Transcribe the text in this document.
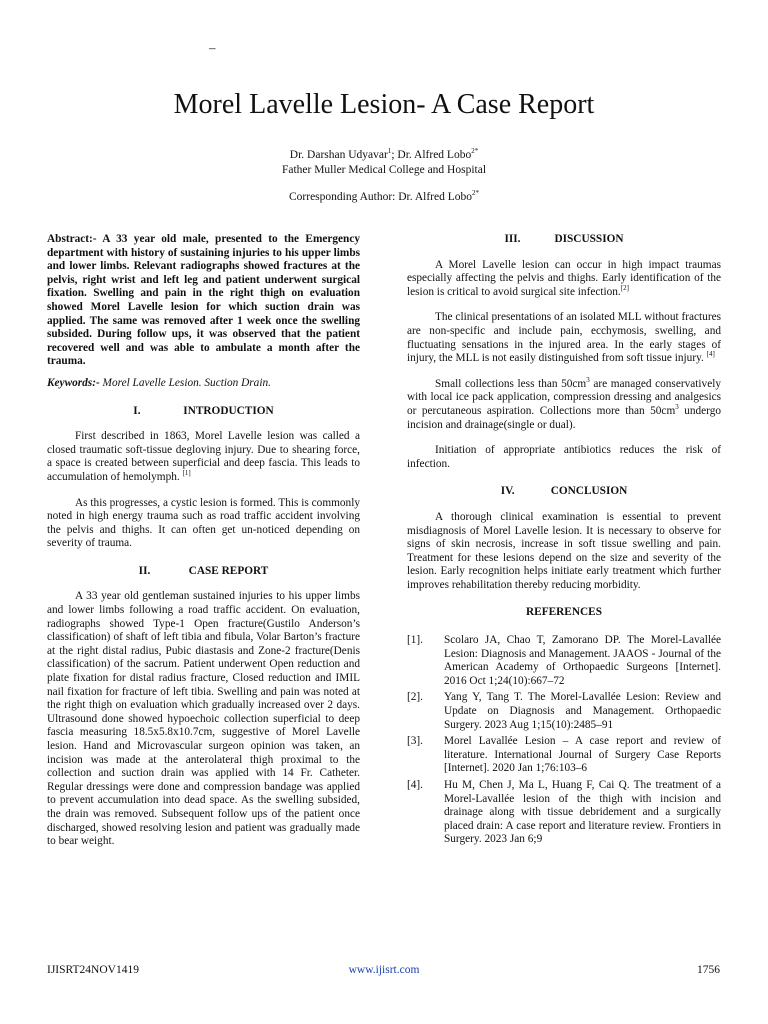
–
Morel Lavelle Lesion- A Case Report

Dr. Darshan Udyavar$^1$; Dr. Alfred Lobo$^{2*}$

Father Muller Medical College and Hospital

Corresponding Author: Dr. Alfred Lobo$^{2*}$

Abstract:- A 33 year old male, presented to the Emergency department with history of sustaining injuries to his upper limbs and lower limbs. Relevant radiographs showed fractures at the pelvis, right wrist and left leg and patient underwent surgical fixation. Swelling and pain in the right thigh on evaluation showed Morel Lavelle lesion for which suction drain was applied. The same was removed after 1 week once the swelling subsided. During follow ups, it was observed that the patient recovered well and was able to ambulate a month after the trauma.

Keywords:- Morel Lavelle Lesion. Suction Drain.

I.	INTRODUCTION

First described in 1863, Morel Lavelle lesion was called a closed traumatic soft-tissue degloving injury. Due to shearing force, a space is created between superficial and deep fascia. This leads to accumulation of hemolymph. [1]

As this progresses, a cystic lesion is formed. This is commonly noted in high energy trauma such as road traffic accident involving the pelvis and thighs. It can often get un-noticed depending on severity of trauma.

II.	CASE REPORT

A 33 year old gentleman sustained injuries to his upper limbs and lower limbs following a road traffic accident. On evaluation, radiographs showed Type-1 Open fracture(Gustilo Anderson’s classification) of shaft of left tibia and fibula, Volar Barton’s fracture at the right distal radius, Pubic diastasis and Zone-2 fracture(Denis classification) of the sacrum. Patient underwent Open reduction and plate fixation for distal radius fracture, Closed reduction and IMIL nail fixation for fracture of left tibia. Swelling and pain was noted at the right thigh on evaluation which gradually increased over 2 days. Ultrasound done showed hypoechoic collection superficial to deep fascia measuring 18.5x5.8x10.7cm, suggestive of Morel Lavelle lesion. Hand and Microvascular surgeon opinion was taken, an incision was made at the anterolateral thigh proximal to the collection and suction drain was applied with 14 Fr. Catheter. Regular dressings were done and compression bandage was applied to prevent accumulation into dead space. As the swelling subsided, the drain was removed. Subsequent follow ups of the patient once discharged, showed resolving lesion and patient was gradually made to bear weight.

III.	DISCUSSION

A Morel Lavelle lesion can occur in high impact traumas especially affecting the pelvis and thighs. Early identification of the lesion is critical to avoid surgical site infection.[2]

The clinical presentations of an isolated MLL without fractures are non-specific and include pain, ecchymosis, swelling, and fluctuating sensations in the injured area. In the early stages of injury, the MLL is not easily distinguished from soft tissue injury. [4]

Small collections less than $50cm^3$ are managed conservatively with local ice pack application, compression dressing and analgesics or percutaneous aspiration. Collections more than $50cm^3$ undergo incision and drainage(single or dual).

Initiation of appropriate antibiotics reduces the risk of infection.

IV.	CONCLUSION

A thorough clinical examination is essential to prevent misdiagnosis of Morel Lavelle lesion. It is necessary to observe for signs of skin necrosis, increase in soft tissue swelling and pain. Treatment for these lesions depend on the size and severity of the lesion. Early recognition helps initiate early treatment which further improves rehabilitation thereby reducing morbidity.

REFERENCES

[1]. Scolaro JA, Chao T, Zamorano DP. The Morel-Lavallée Lesion: Diagnosis and Management. JAAOS - Journal of the American Academy of Orthopaedic Surgeons [Internet]. 2016 Oct 1;24(10):667–72

[2]. Yang Y, Tang T. The Morel-Lavallée Lesion: Review and Update on Diagnosis and Management. Orthopaedic Surgery. 2023 Aug 1;15(10):2485–91

[3]. Morel Lavallée Lesion – A case report and review of literature. International Journal of Surgery Case Reports [Internet]. 2020 Jan 1;76:103–6

[4]. Hu M, Chen J, Ma L, Huang F, Cai Q. The treatment of a Morel-Lavallée lesion of the thigh with incision and drainage along with tissue debridement and a surgically placed drain: A case report and literature review. Frontiers in Surgery. 2023 Jan 6;9

IJISRT24NOV1419	www.ijisrt.com	1756
